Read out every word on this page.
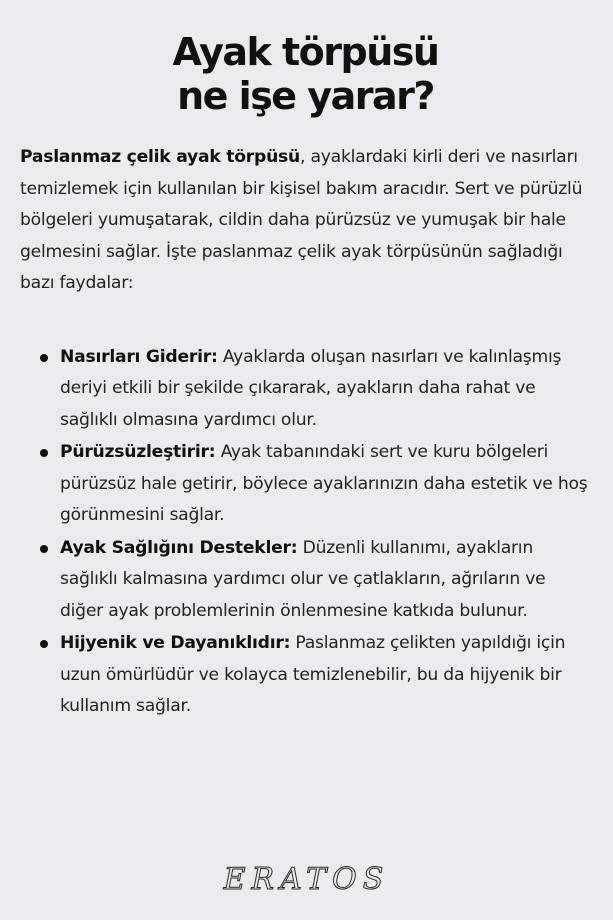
Ayak törpüsü
ne işe yarar?

Paslanmaz çelik ayak törpüsü, ayaklardaki kirli deri ve nasırları temizlemek için kullanılan bir kişisel bakım aracıdır. Sert ve pürüzlü bölgeleri yumuşatarak, cildin daha pürüzsüz ve yumuşak bir hale gelmesini sağlar. İşte paslanmaz çelik ayak törpüsünün sağladığı bazı faydalar:

Nasırları Giderir: Ayaklarda oluşan nasırları ve kalınlaşmış deriyi etkili bir şekilde çıkararak, ayakların daha rahat ve sağlıklı olmasına yardımcı olur.
Pürüzsüzleştirir: Ayak tabanındaki sert ve kuru bölgeleri pürüzsüz hale getirir, böylece ayaklarınızın daha estetik ve hoş görünmesini sağlar.
Ayak Sağlığını Destekler: Düzenli kullanımı, ayakların sağlıklı kalmasına yardımcı olur ve çatlakların, ağrıların ve diğer ayak problemlerinin önlenmesine katkıda bulunur.
Hijyenik ve Dayanıklıdır: Paslanmaz çelikten yapıldığı için uzun ömürlüdür ve kolayca temizlenebilir, bu da hijyenik bir kullanım sağlar.
ERATOS
